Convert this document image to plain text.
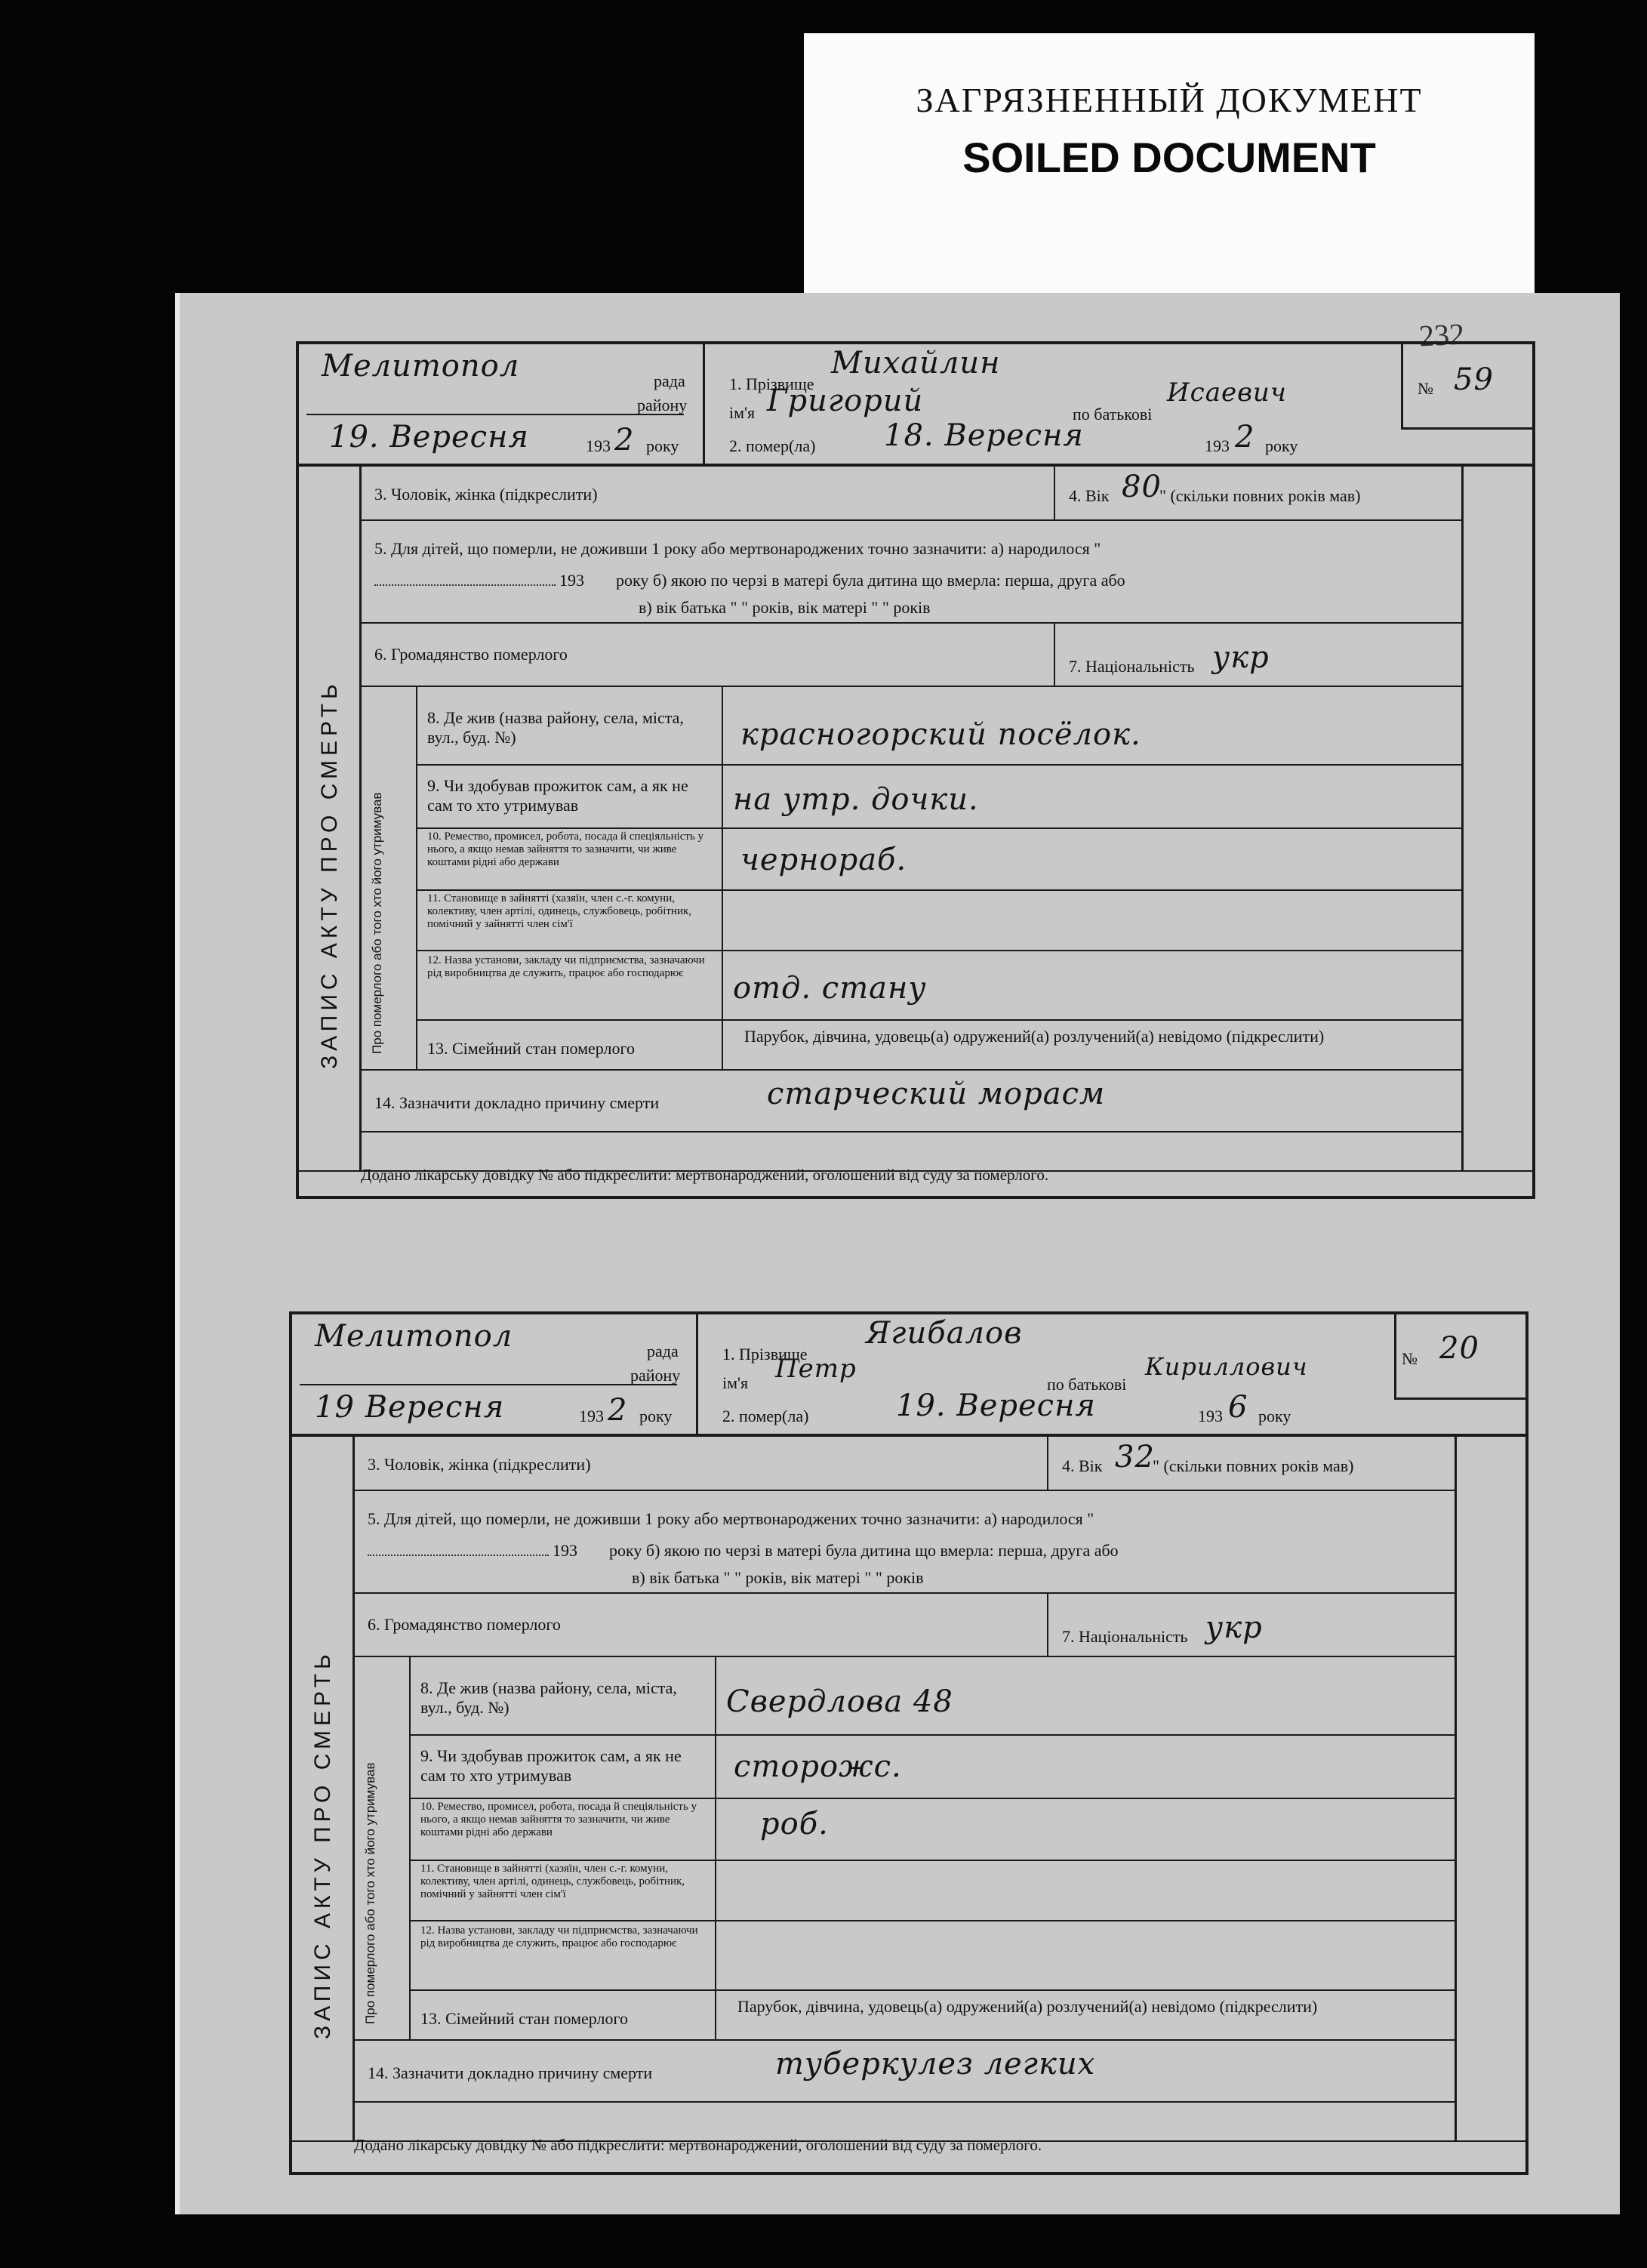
ЗАГРЯЗНЕННЫЙ ДОКУМЕНТ
SOILED DOCUMENT
232
Мелитопол	рада
району
19. Вересня	193 2 року
1. Прізвище
Михайлин
ім'я Григорий	по батькові
Исаевич
2. помер(ла) 18. Вересня	193 2 року
№ 59
3. Чоловік, жінка (підкреслити)	4. Вік 80
" (скільки повних років мав)
5. Для дітей, що померли, не доживши 1 року або мертвонароджених точно зазначити: а) народилося "
193 року б) якою по черзі в матері була дитина що вмерла: перша, друга або
в) вік батька " " років, вік матері " " років
6. Громадянство померлого
7. Національність укр
ЗАПИС АКТУ ПРО СМЕРТЬ Про померлого або того хто його утримував
8. Де жив (назва району, села, міста, вул., буд. №)	красногорский посёлок.
9. Чи здобував прожиток сам, а як не сам то хто утримував	на утр. дочки.
10. Ремество, промисел, робота, посада й спеціяльність у нього, а якщо немав зайняття то зазначити, чи живе коштами рідні або держави	чернораб.
11. Становище в зайнятті (хазяїн, член с.-г. комуни, колективу, член артілі, одинець, службовець, робітник, помічний у зайнятті член сім'ї
12. Назва установи, закладу чи підприємства, зазначаючи рід виробництва де служить, працює або господарює	отд. стану
13. Сімейний стан померлого
Парубок, дівчина, удовець(а) одружений(а) розлучений(а) невідомо (підкреслити)
14. Зазначити докладно причину смерти	старческий морасм
Додано лікарську довідку № або підкреслити: мертвонароджений, оголошений від суду за померлого.
Мелитопол	рада
району
19 Вересня	193 2 року
1. Прізвище
Ягибалов
ім'я Петр
по батькові
Кириллович
2. помер(ла)	19. Вересня	193 6 року
№ 20
3. Чоловік, жінка (підкреслити)	4. Вік 32
" (скільки повних років мав)
5. Для дітей, що померли, не доживши 1 року або мертвонароджених точно зазначити: а) народилося "
193 року б) якою по черзі в матері була дитина що вмерла: перша, друга або
в) вік батька " " років, вік матері " " років
6. Громадянство померлого
7. Національність укр
ЗАПИС АКТУ ПРО СМЕРТЬ Про померлого або того хто його утримував
8. Де жив (назва району, села, міста, вул., буд. №)	Свердлова 48
9. Чи здобував прожиток сам, а як не сам то хто утримував	сторожс.
10. Ремество, промисел, робота, посада й спеціяльність у нього, а якщо немав зайняття то зазначити, чи живе коштами рідні або держави	роб.
11. Становище в зайнятті (хазяїн, член с.-г. комуни, колективу, член артілі, одинець, службовець, робітник, помічний у зайнятті член сім'ї
12. Назва установи, закладу чи підприємства, зазначаючи рід виробництва де служить, працює або господарює
13. Сімейний стан померлого
Парубок, дівчина, удовець(а) одружений(а) розлучений(а) невідомо (підкреслити)
14. Зазначити докладно причину смерти	туберкулез легких
Додано лікарську довідку № або підкреслити: мертвонароджений, оголошений від суду за померлого.
